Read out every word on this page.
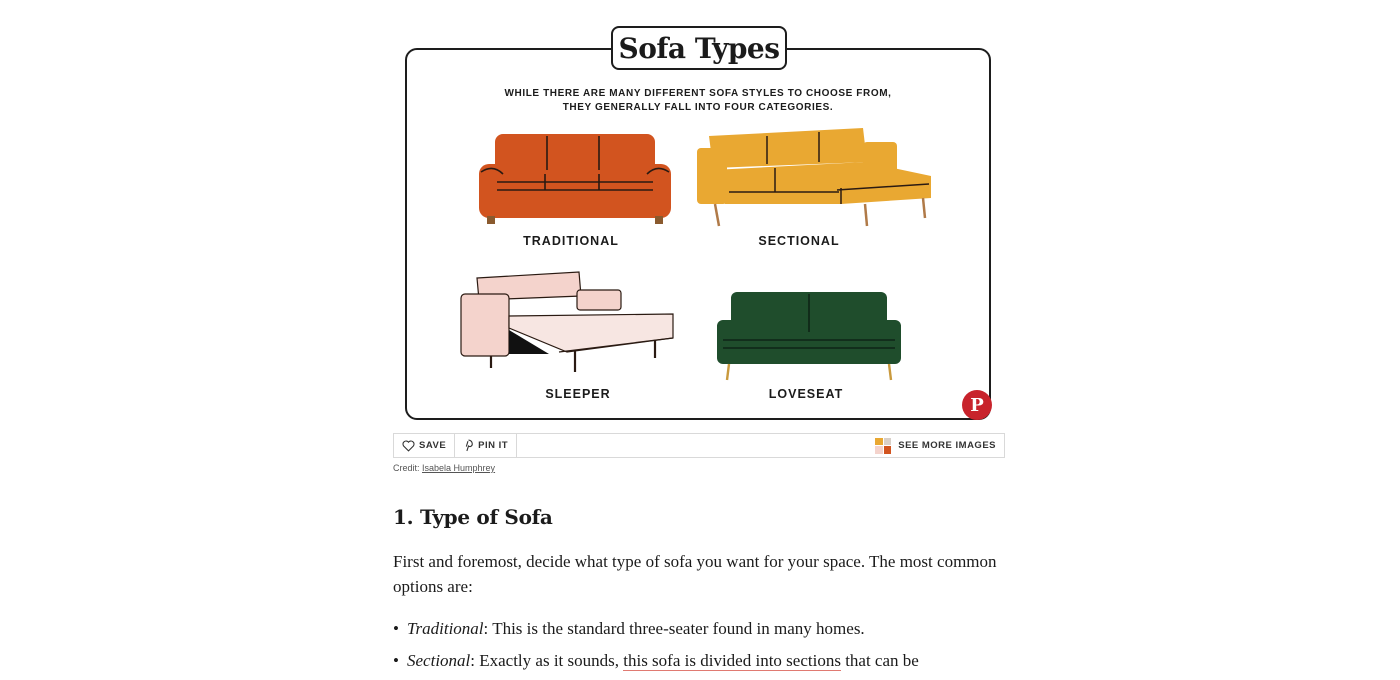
Sofa Types
WHILE THERE ARE MANY DIFFERENT SOFA STYLES TO CHOOSE FROM,
THEY GENERALLY FALL INTO FOUR CATEGORIES.
TRADITIONAL	SECTIONAL
SLEEPER	LOVESEAT
P
SAVE	PIN IT	SEE MORE IMAGES
Credit: Isabela Humphrey
1. Type of Sofa

First and foremost, decide what type of sofa you want for your space. The most common options are:

• Traditional: This is the standard three-seater found in many homes.
• Sectional: Exactly as it sounds, this sofa is divided into sections that can be
